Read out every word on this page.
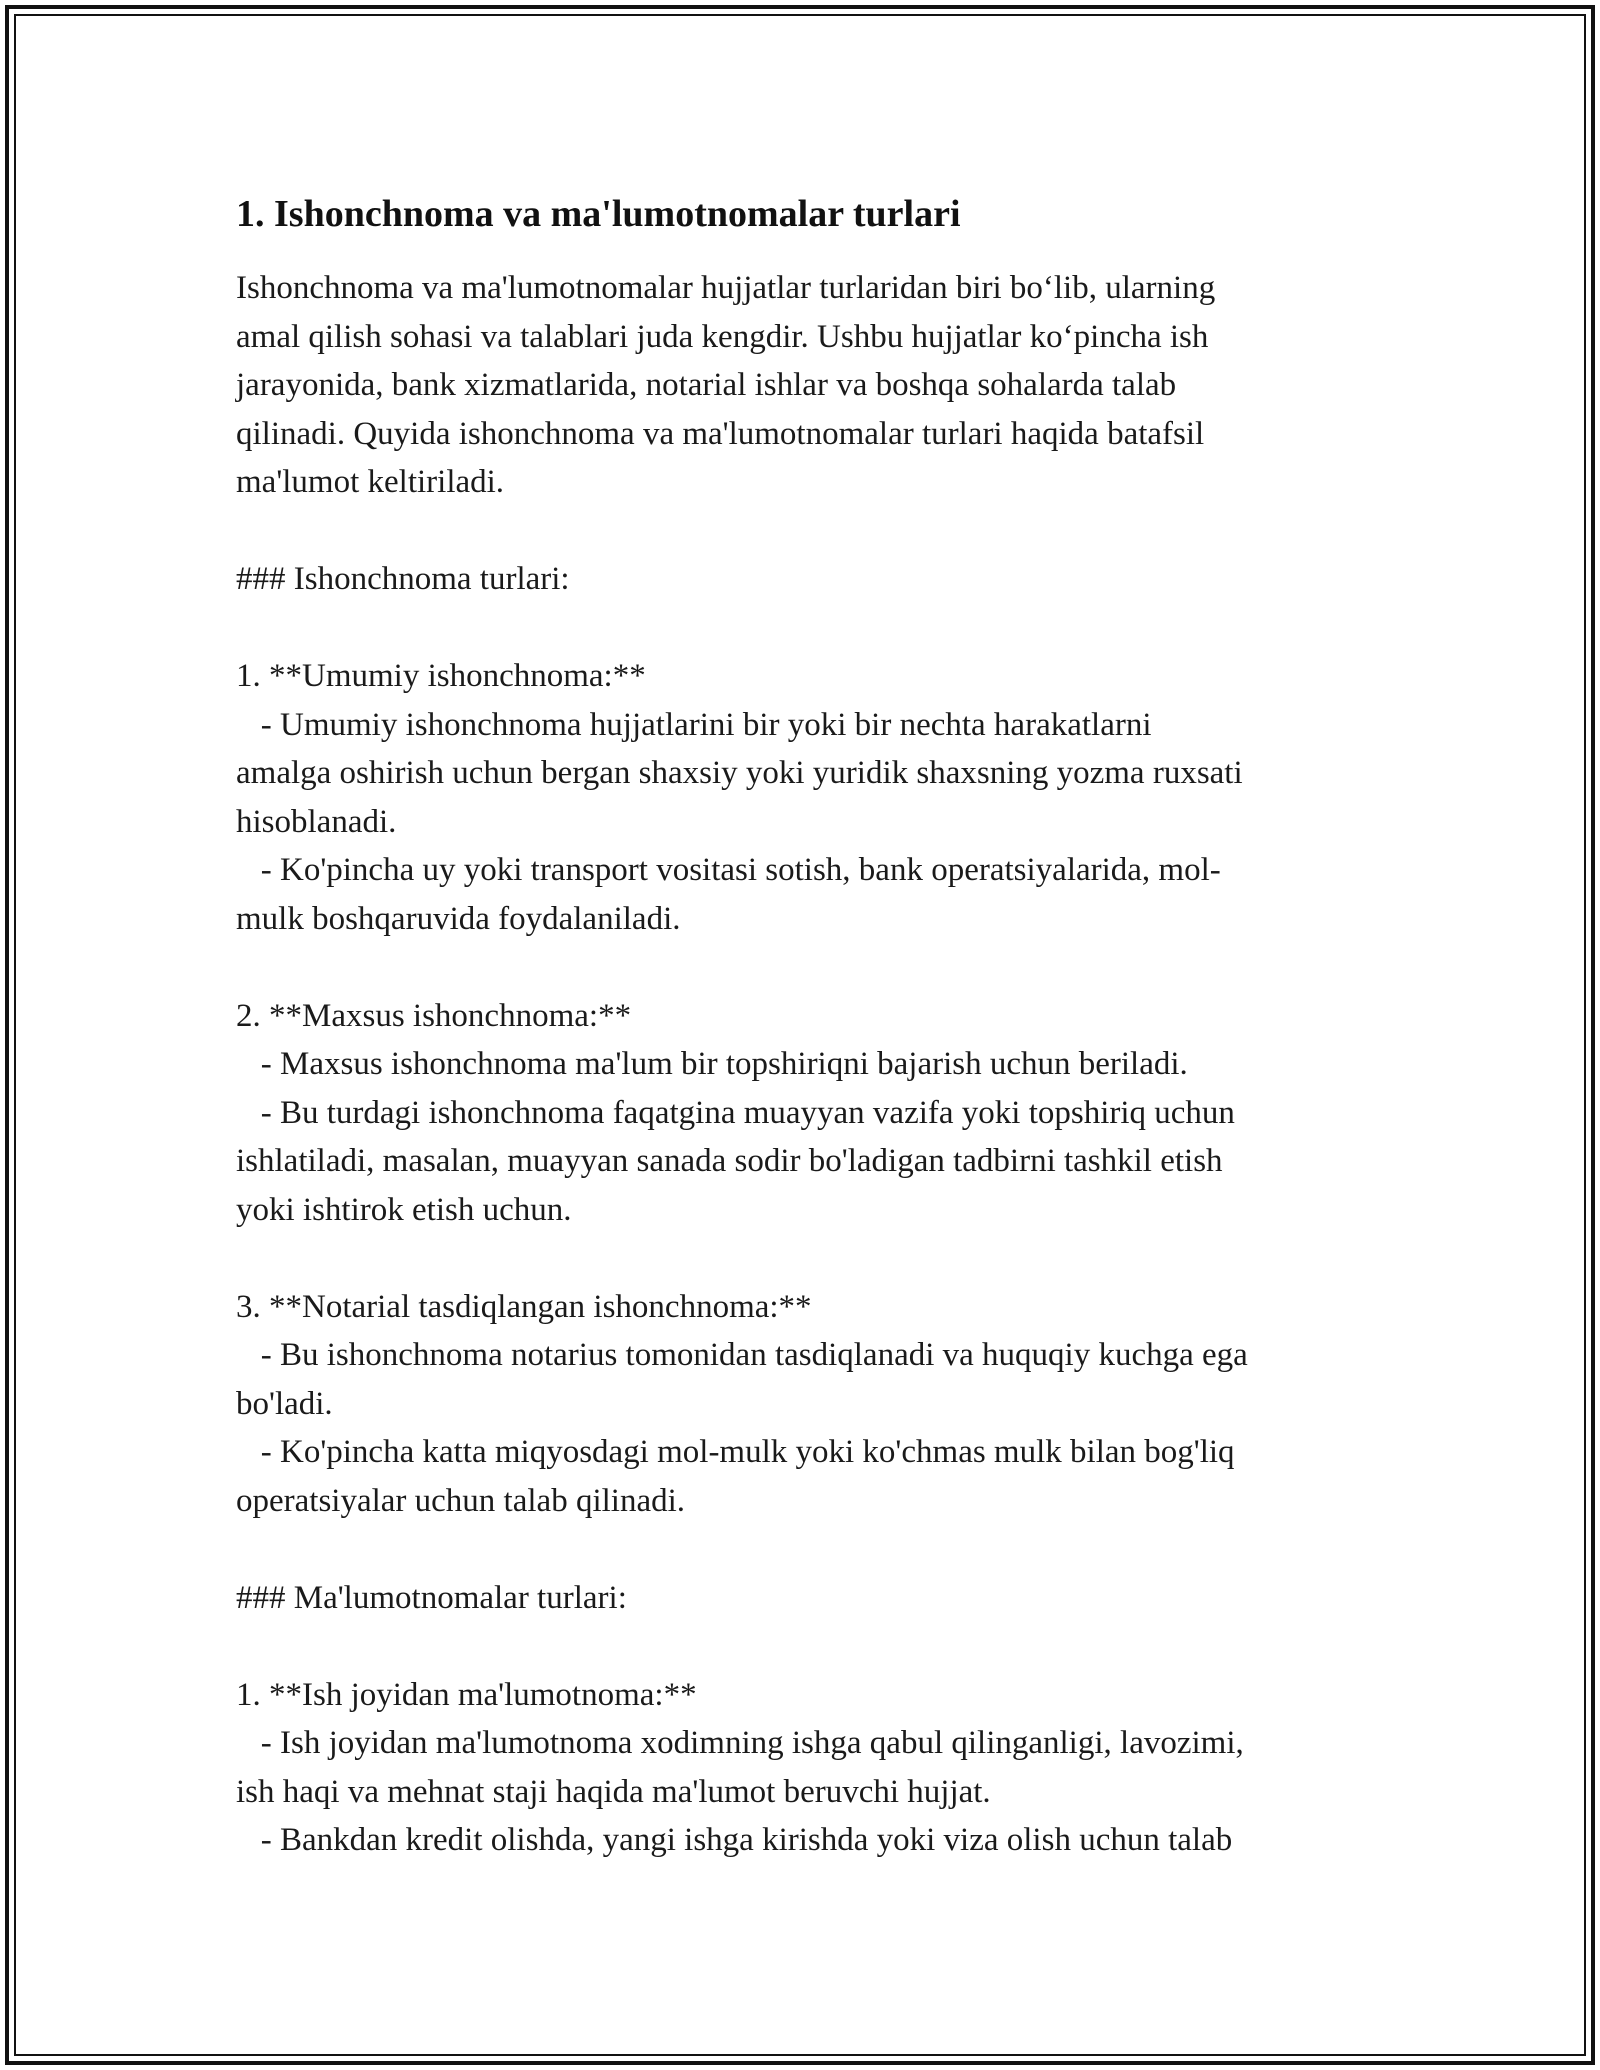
1. Ishonchnoma va ma'lumotnomalar turlari
Ishonchnoma va ma'lumotnomalar hujjatlar turlaridan biri bo‘lib, ularning
amal qilish sohasi va talablari juda kengdir. Ushbu hujjatlar ko‘pincha ish
jarayonida, bank xizmatlarida, notarial ishlar va boshqa sohalarda talab
qilinadi. Quyida ishonchnoma va ma'lumotnomalar turlari haqida batafsil
ma'lumot keltiriladi.
### Ishonchnoma turlari:
1. **Umumiy ishonchnoma:**
- Umumiy ishonchnoma hujjatlarini bir yoki bir nechta harakatlarni
amalga oshirish uchun bergan shaxsiy yoki yuridik shaxsning yozma ruxsati
hisoblanadi.
- Ko'pincha uy yoki transport vositasi sotish, bank operatsiyalarida, mol-
mulk boshqaruvida foydalaniladi.
2. **Maxsus ishonchnoma:**
- Maxsus ishonchnoma ma'lum bir topshiriqni bajarish uchun beriladi.
- Bu turdagi ishonchnoma faqatgina muayyan vazifa yoki topshiriq uchun
ishlatiladi, masalan, muayyan sanada sodir bo'ladigan tadbirni tashkil etish
yoki ishtirok etish uchun.
3. **Notarial tasdiqlangan ishonchnoma:**
- Bu ishonchnoma notarius tomonidan tasdiqlanadi va huquqiy kuchga ega
bo'ladi.
- Ko'pincha katta miqyosdagi mol-mulk yoki ko'chmas mulk bilan bog'liq
operatsiyalar uchun talab qilinadi.
### Ma'lumotnomalar turlari:
1. **Ish joyidan ma'lumotnoma:**
- Ish joyidan ma'lumotnoma xodimning ishga qabul qilinganligi, lavozimi,
ish haqi va mehnat staji haqida ma'lumot beruvchi hujjat.
- Bankdan kredit olishda, yangi ishga kirishda yoki viza olish uchun talab
